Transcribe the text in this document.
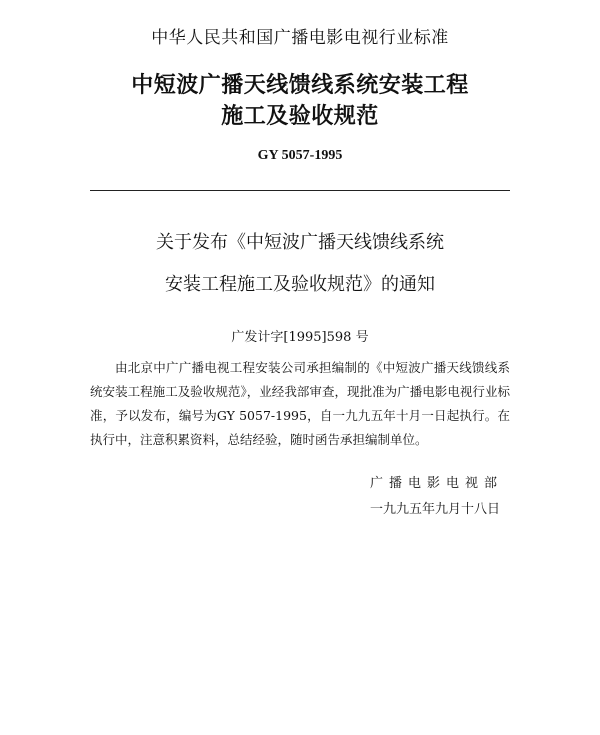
中华人民共和国广播电影电视行业标准
中短波广播天线馈线系统安装工程
施工及验收规范
GY 5057-1995
关于发布《中短波广播天线馈线系统
安装工程施工及验收规范》的通知
广发计字[1995]598 号
由北京中广广播电视工程安装公司承担编制的《中短波广播天线馈线系统安装工程施工及验收规范》，业经我部审查，现批准为广播电影电视行业标准，予以发布，编号为GY 5057-1995，自一九九五年十月一日起执行。在执行中，注意积累资料，总结经验，随时函告承担编制单位。
广播电影电视部
一九九五年九月十八日
